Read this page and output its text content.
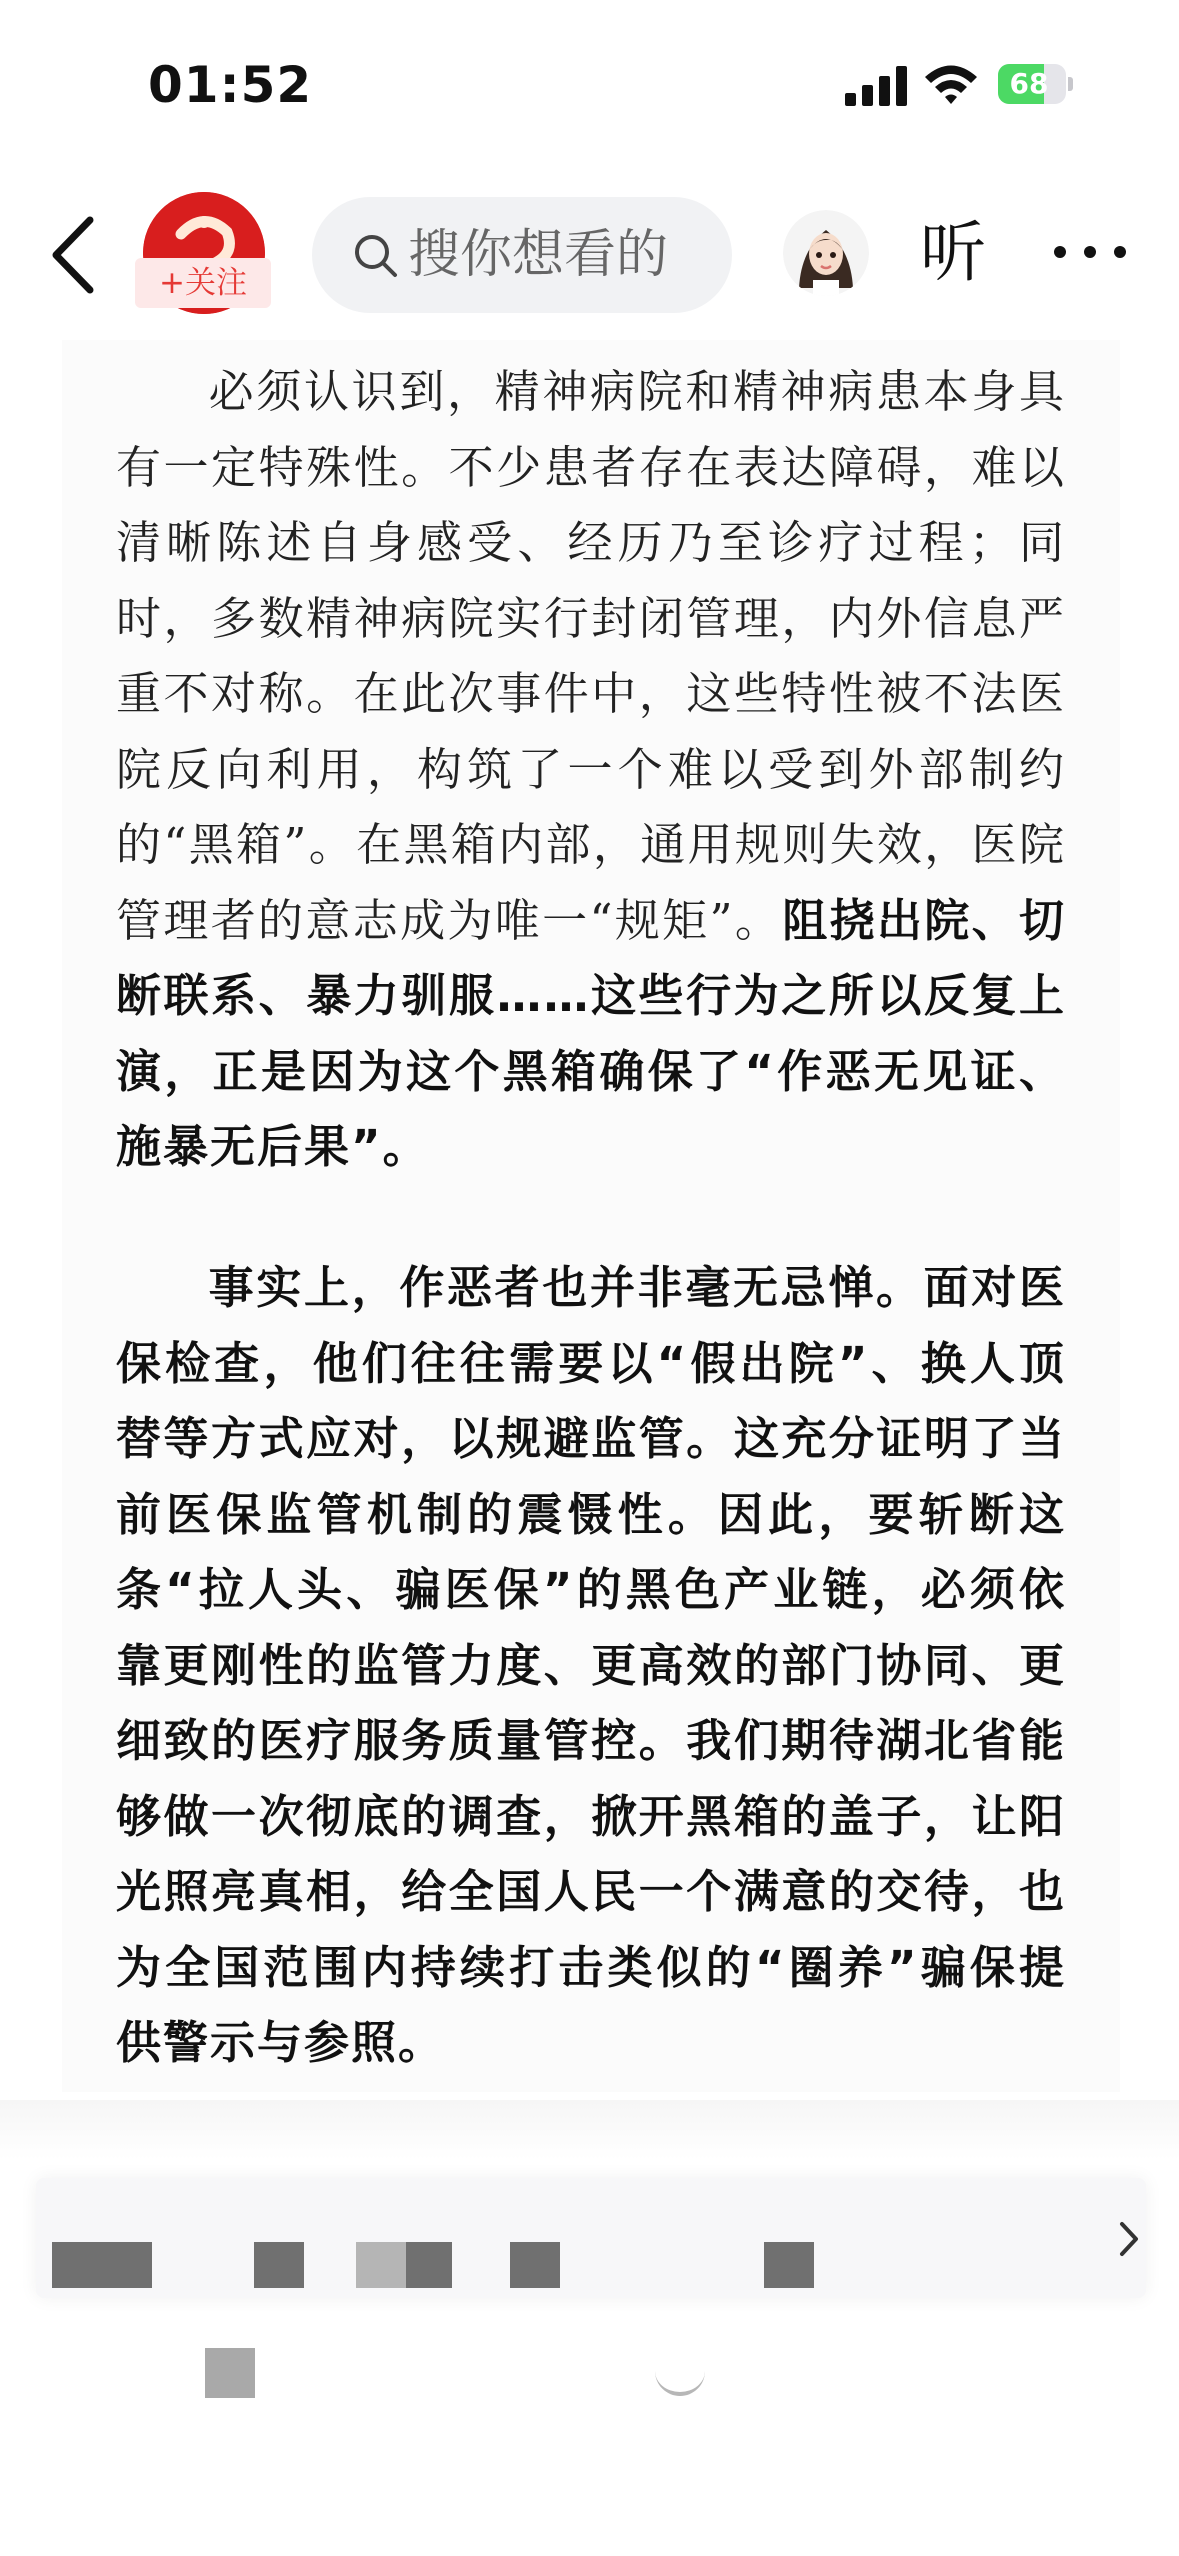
01:52	68
+关注	搜你想看的	听

必须认识到，精神病院和精神病患本身具有一定特殊性。不少患者存在表达障碍，难以清晰陈述自身感受、经历乃至诊疗过程；同时，多数精神病院实行封闭管理，内外信息严重不对称。在此次事件中，这些特性被不法医院反向利用，构筑了一个难以受到外部制约的“黑箱”。在黑箱内部，通用规则失效，医院管理者的意志成为唯一“规矩”。阻挠出院、切断联系、暴力驯服……这些行为之所以反复上演，正是因为这个黑箱确保了“作恶无见证、施暴无后果”。

事实上，作恶者也并非毫无忌惮。面对医保检查，他们往往需要以“假出院”、换人顶替等方式应对，以规避监管。这充分证明了当前医保监管机制的震慑性。因此，要斩断这条“拉人头、骗医保”的黑色产业链，必须依靠更刚性的监管力度、更高效的部门协同、更细致的医疗服务质量管控。我们期待湖北省能够做一次彻底的调查，掀开黑箱的盖子，让阳光照亮真相，给全国人民一个满意的交待，也为全国范围内持续打击类似的“圈养”骗保提供警示与参照。
